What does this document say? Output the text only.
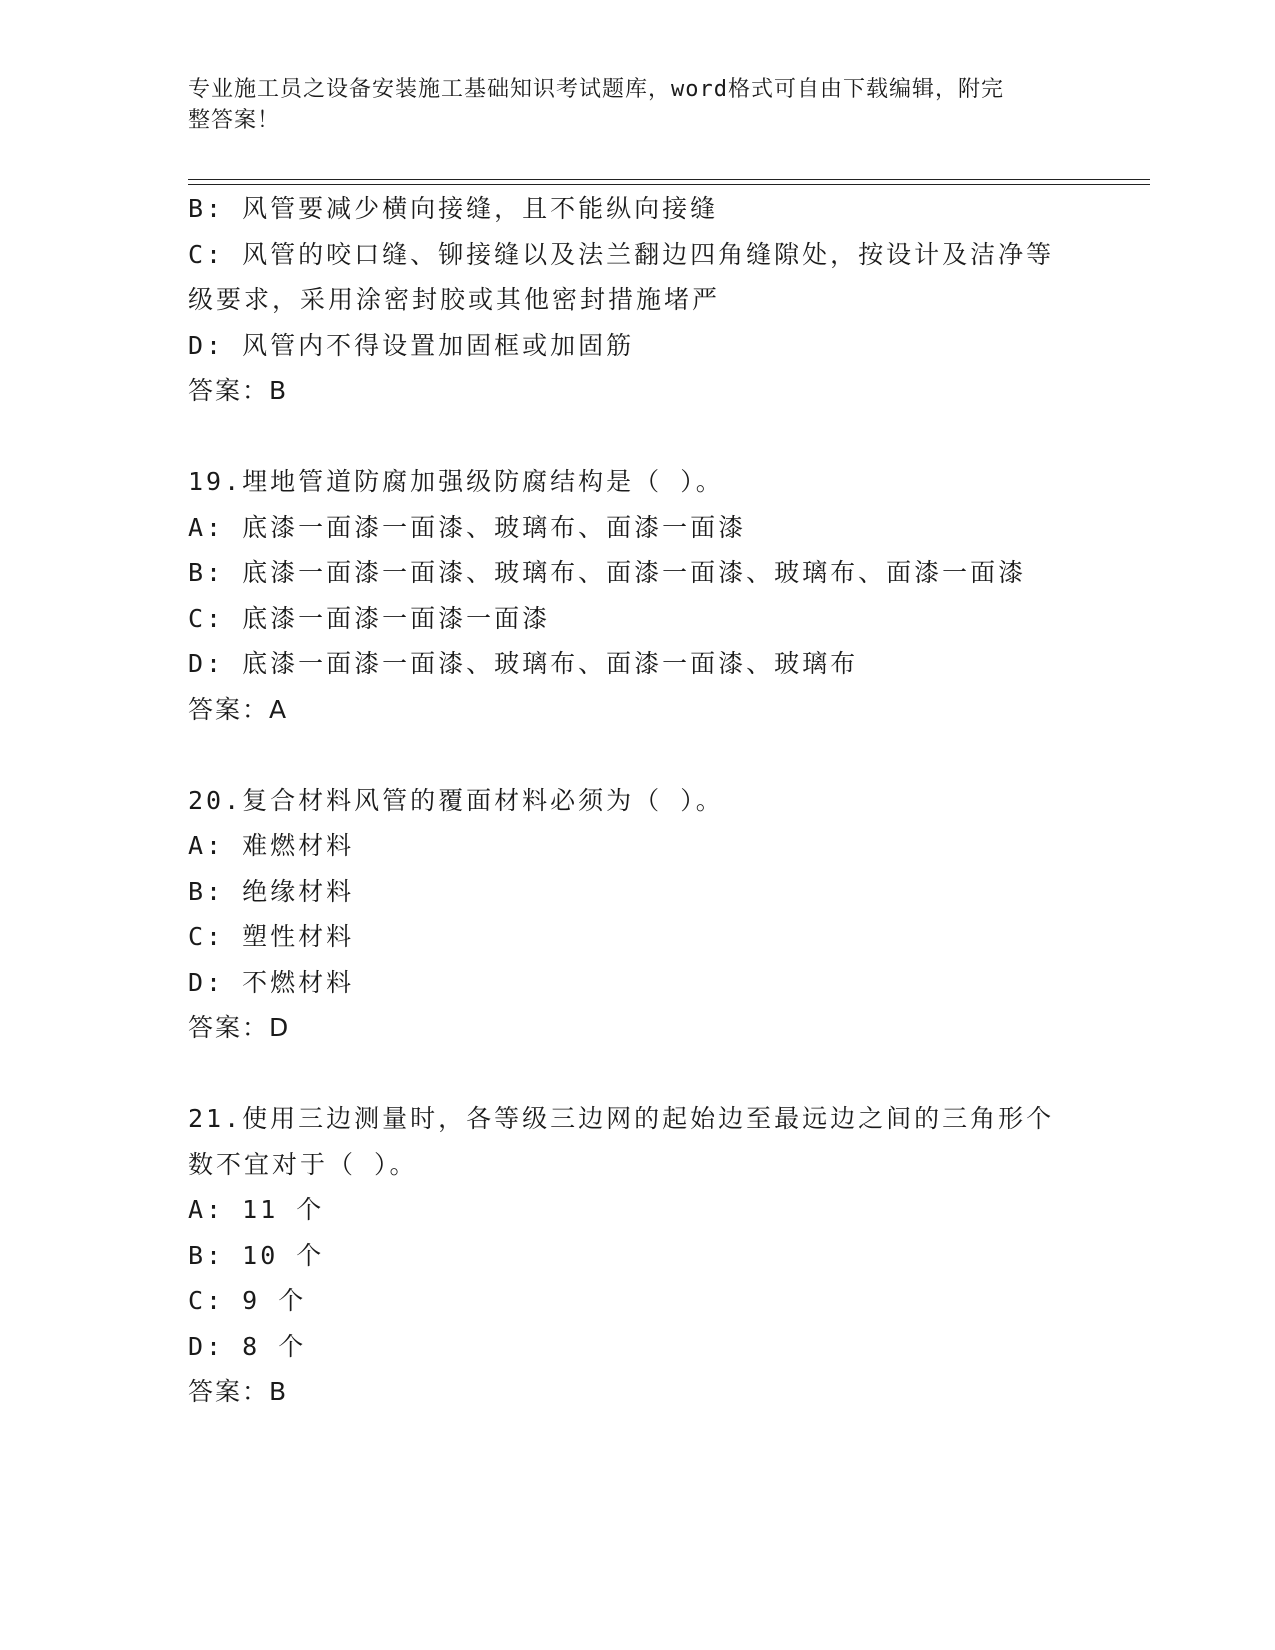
专业施工员之设备安装施工基础知识考试题库，word格式可自由下载编辑，附完
整答案！
B: 风管要减少横向接缝，且不能纵向接缝
C: 风管的咬口缝、铆接缝以及法兰翻边四角缝隙处，按设计及洁净等
级要求，采用涂密封胶或其他密封措施堵严
D: 风管内不得设置加固框或加固筋
答案：B
19.埋地管道防腐加强级防腐结构是（ ）。
A: 底漆一面漆一面漆、玻璃布、面漆一面漆
B: 底漆一面漆一面漆、玻璃布、面漆一面漆、玻璃布、面漆一面漆
C: 底漆一面漆一面漆一面漆
D: 底漆一面漆一面漆、玻璃布、面漆一面漆、玻璃布
答案：A
20.复合材料风管的覆面材料必须为（ ）。
A: 难燃材料
B: 绝缘材料
C: 塑性材料
D: 不燃材料
答案：D
21.使用三边测量时，各等级三边网的起始边至最远边之间的三角形个
数不宜对于（ ）。
A: 11 个
B: 10 个
C: 9 个
D: 8 个
答案：B
